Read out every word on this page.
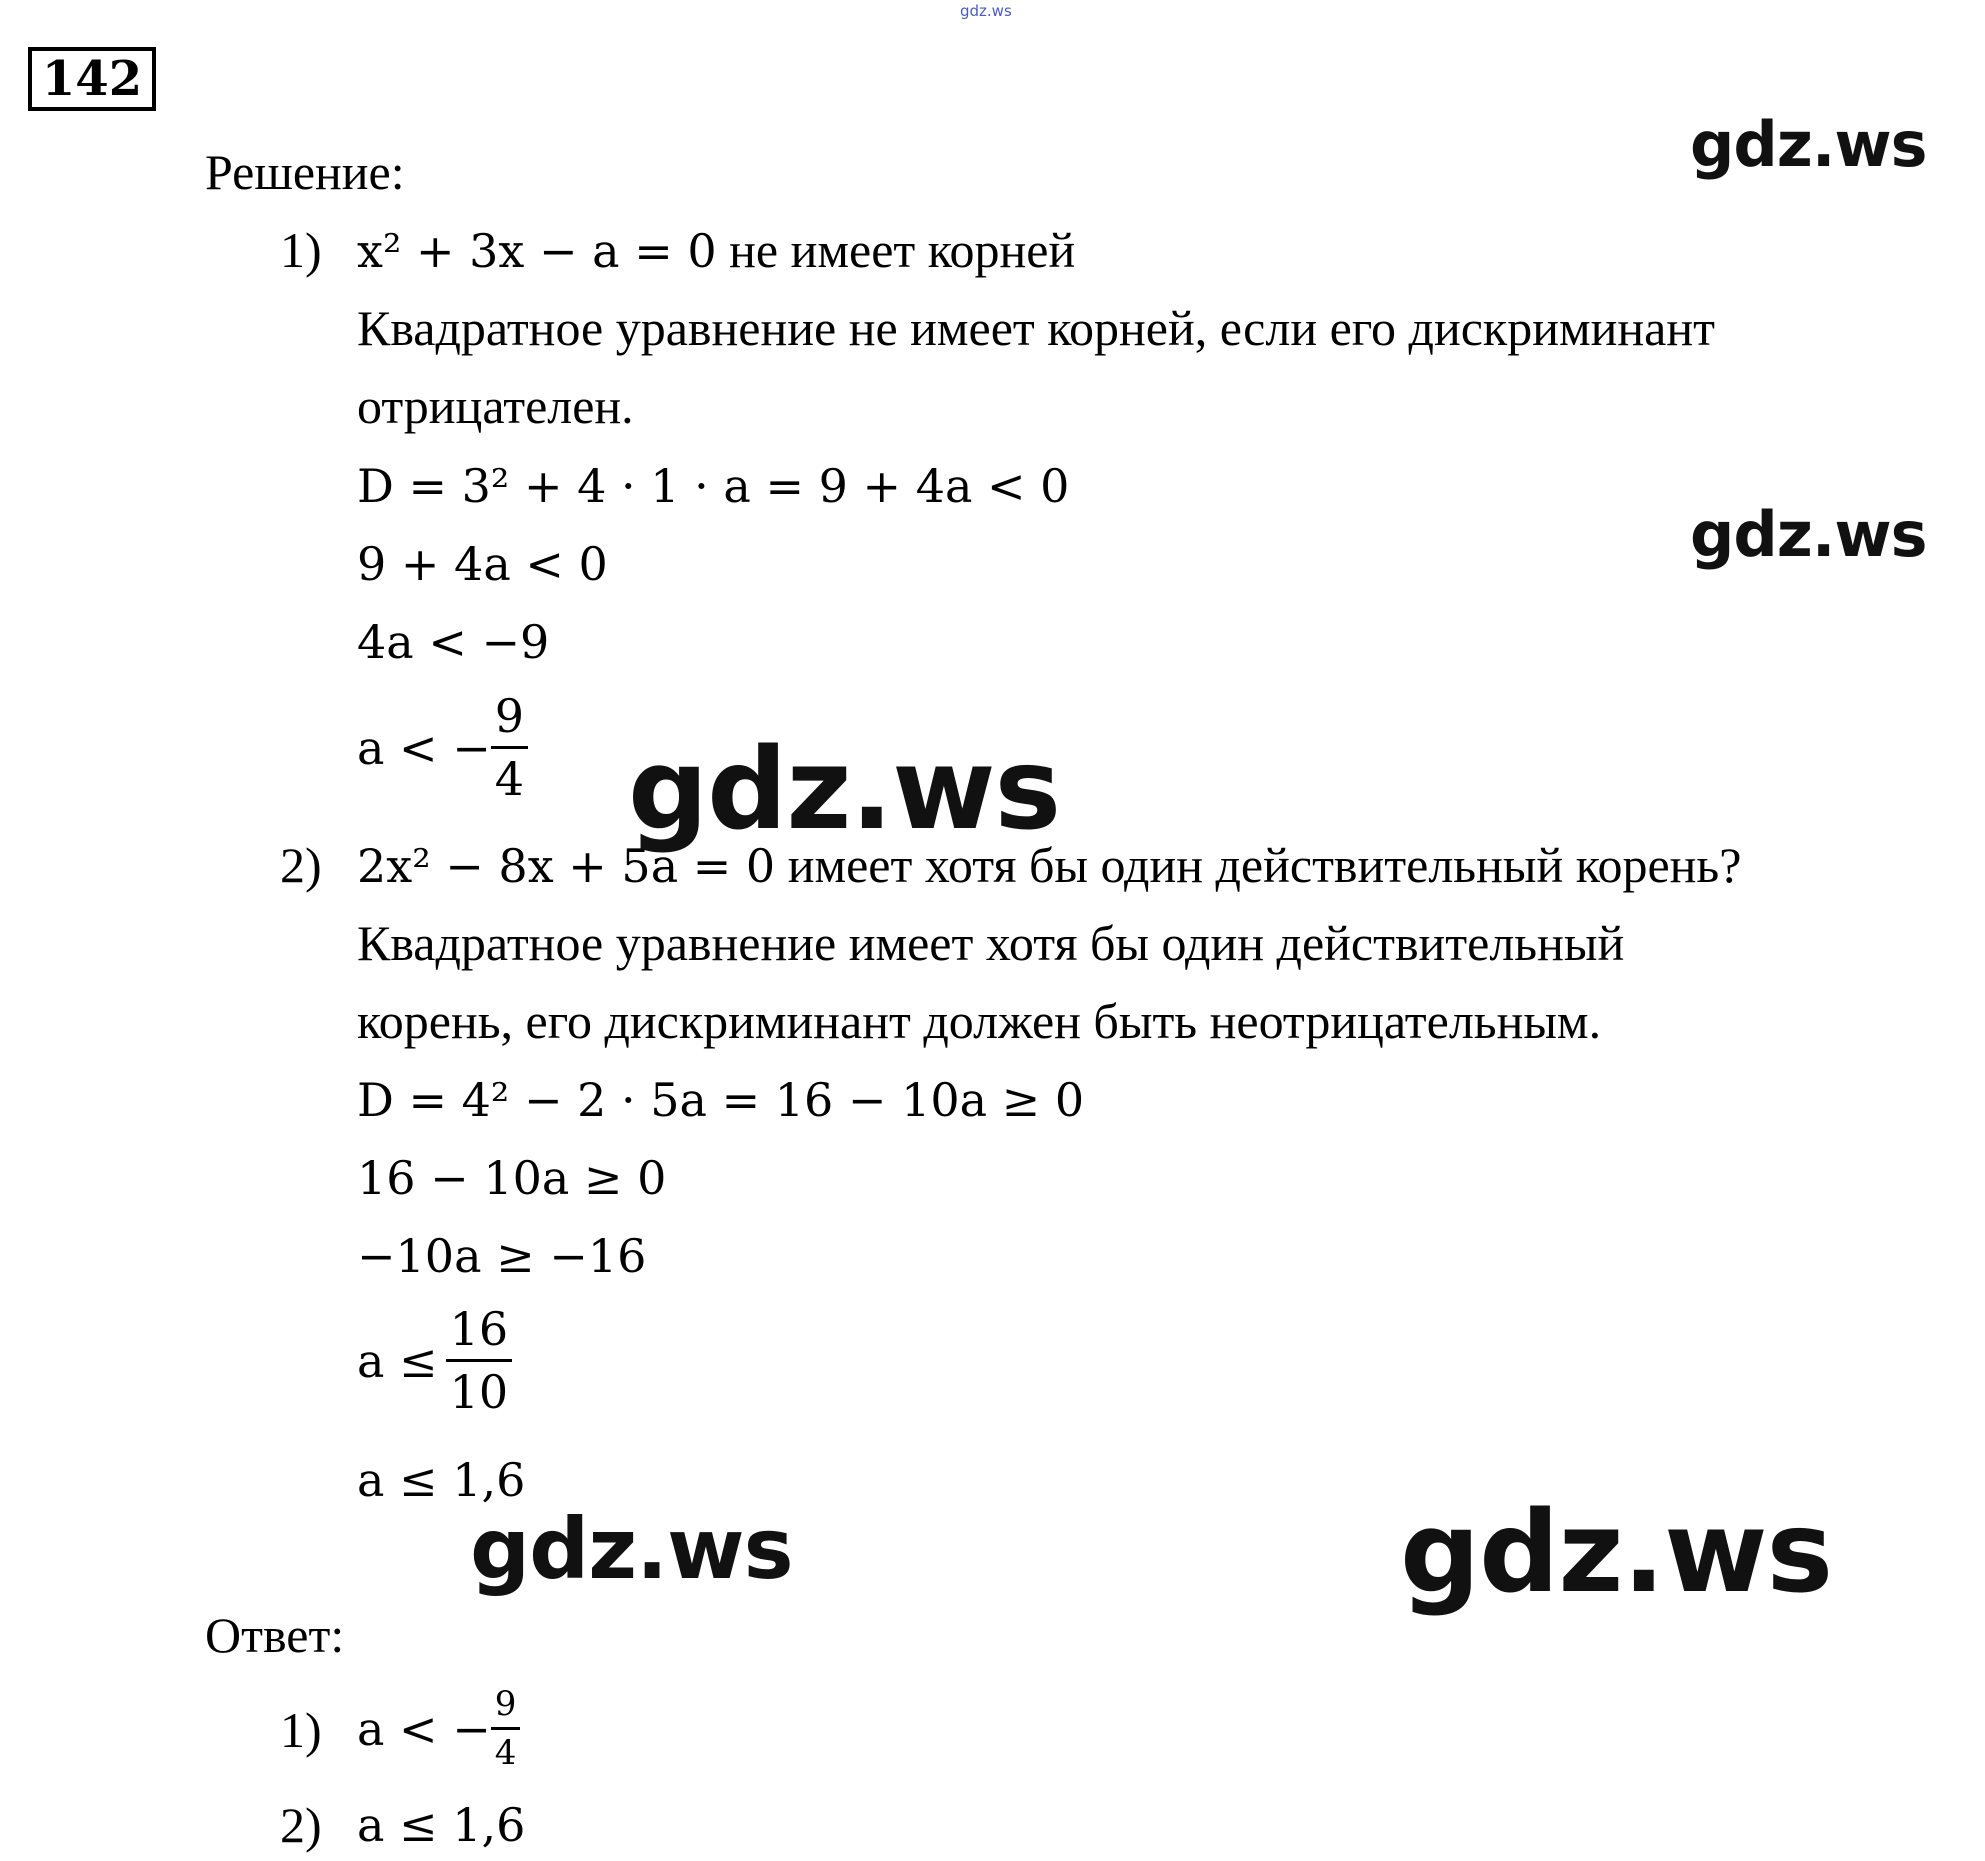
gdz.ws
142
Решение:
1) x² + 3x − a = 0 не имеет корней
Квадратное уравнение не имеет корней, если его дискриминант
отрицателен.
D = 3² + 4 · 1 · a = 9 + 4a < 0
9 + 4a < 0
4a < −9
a < − $\frac{9}{4}$
2) 2x² − 8x + 5a = 0 имеет хотя бы один действительный корень?
Квадратное уравнение имеет хотя бы один действительный
корень, его дискриминант должен быть неотрицательным.
D = 4² − 2 · 5a = 16 − 10a ≥ 0
16 − 10a ≥ 0
−10a ≥ −16
$a \le \frac{16}{10}$
a ≤ 1,6
Ответ:
1) a < − $\frac{9}{4}$
2) a ≤ 1,6
gdz.ws
gdz.ws
gdz.ws
gdz.ws	gdz.ws
